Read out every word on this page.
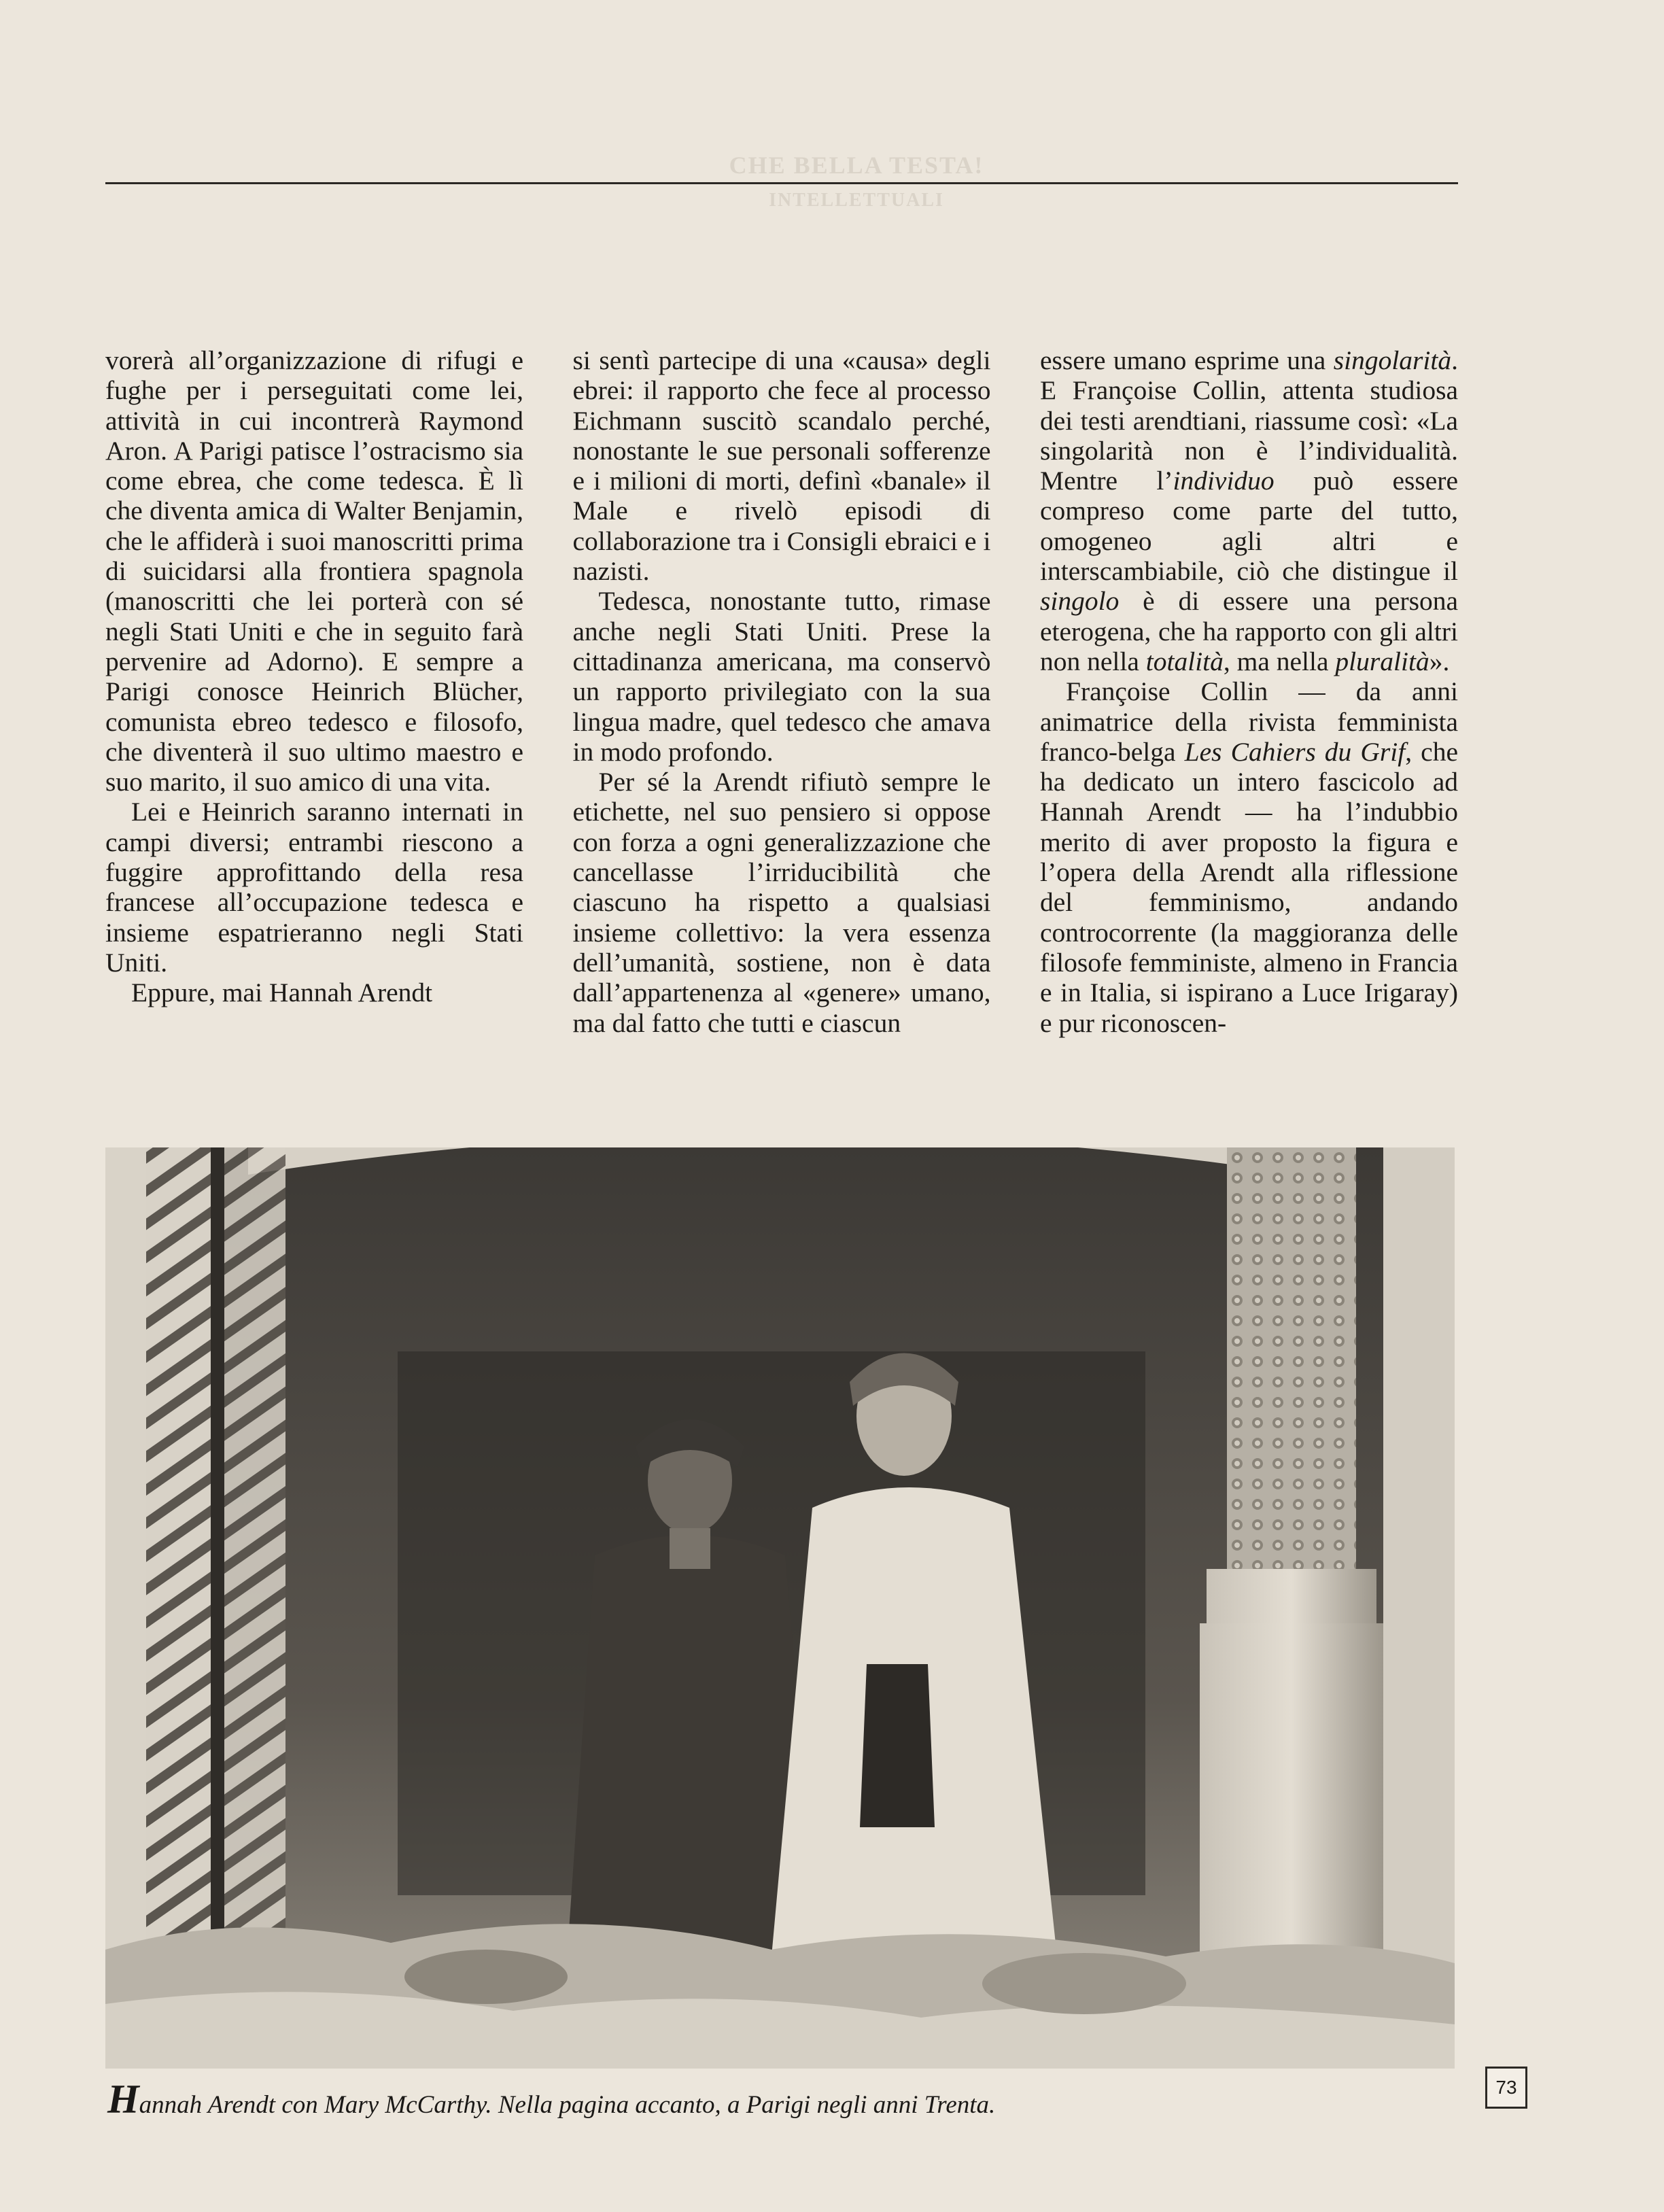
CHE BELLA TESTA!
INTELLETTUALI

vorerà all’organizzazione di rifugi e fughe per i perseguitati come lei, attività in cui incontrerà Raymond Aron. A Parigi patisce l’ostracismo sia come ebrea, che come tedesca. È lì che diventa amica di Walter Benjamin, che le affiderà i suoi manoscritti prima di suicidarsi alla frontiera spagnola (manoscritti che lei porterà con sé negli Stati Uniti e che in seguito farà pervenire ad Adorno). E sempre a Parigi conosce Heinrich Blücher, comunista ebreo tedesco e filosofo, che diventerà il suo ultimo maestro e suo marito, il suo amico di una vita.

Lei e Heinrich saranno internati in campi diversi; entrambi riescono a fuggire approfittando della resa francese all’occupazione tedesca e insieme espatrieranno negli Stati Uniti.

Eppure, mai Hannah Arendt

si sentì partecipe di una «causa» degli ebrei: il rapporto che fece al processo Eichmann suscitò scandalo perché, nonostante le sue personali sofferenze e i milioni di morti, definì «banale» il Male e rivelò episodi di collaborazione tra i Consigli ebraici e i nazisti.

Tedesca, nonostante tutto, rimase anche negli Stati Uniti. Prese la cittadinanza americana, ma conservò un rapporto privilegiato con la sua lingua madre, quel tedesco che amava in modo profondo.

Per sé la Arendt rifiutò sempre le etichette, nel suo pensiero si oppose con forza a ogni generalizzazione che cancellasse l’irriducibilità che ciascuno ha rispetto a qualsiasi insieme collettivo: la vera essenza dell’umanità, sostiene, non è data dall’appartenenza al «genere» umano, ma dal fatto che tutti e ciascun

essere umano esprime una singolarità. E Françoise Collin, attenta studiosa dei testi arendtiani, riassume così: «La singolarità non è l’individualità. Mentre l’individuo può essere compreso come parte del tutto, omogeneo agli altri e interscambiabile, ciò che distingue il singolo è di essere una persona eterogena, che ha rapporto con gli altri non nella totalità, ma nella pluralità».

Françoise Collin — da anni animatrice della rivista femminista franco-belga Les Cahiers du Grif, che ha dedicato un intero fascicolo ad Hannah Arendt — ha l’indubbio merito di aver proposto la figura e l’opera della Arendt alla riflessione del femminismo, andando controcorrente (la maggioranza delle filosofe femministe, almeno in Francia e in Italia, si ispirano a Luce Irigaray) e pur riconoscen-

Hannah Arendt con Mary McCarthy. Nella pagina accanto, a Parigi negli anni Trenta.
73
